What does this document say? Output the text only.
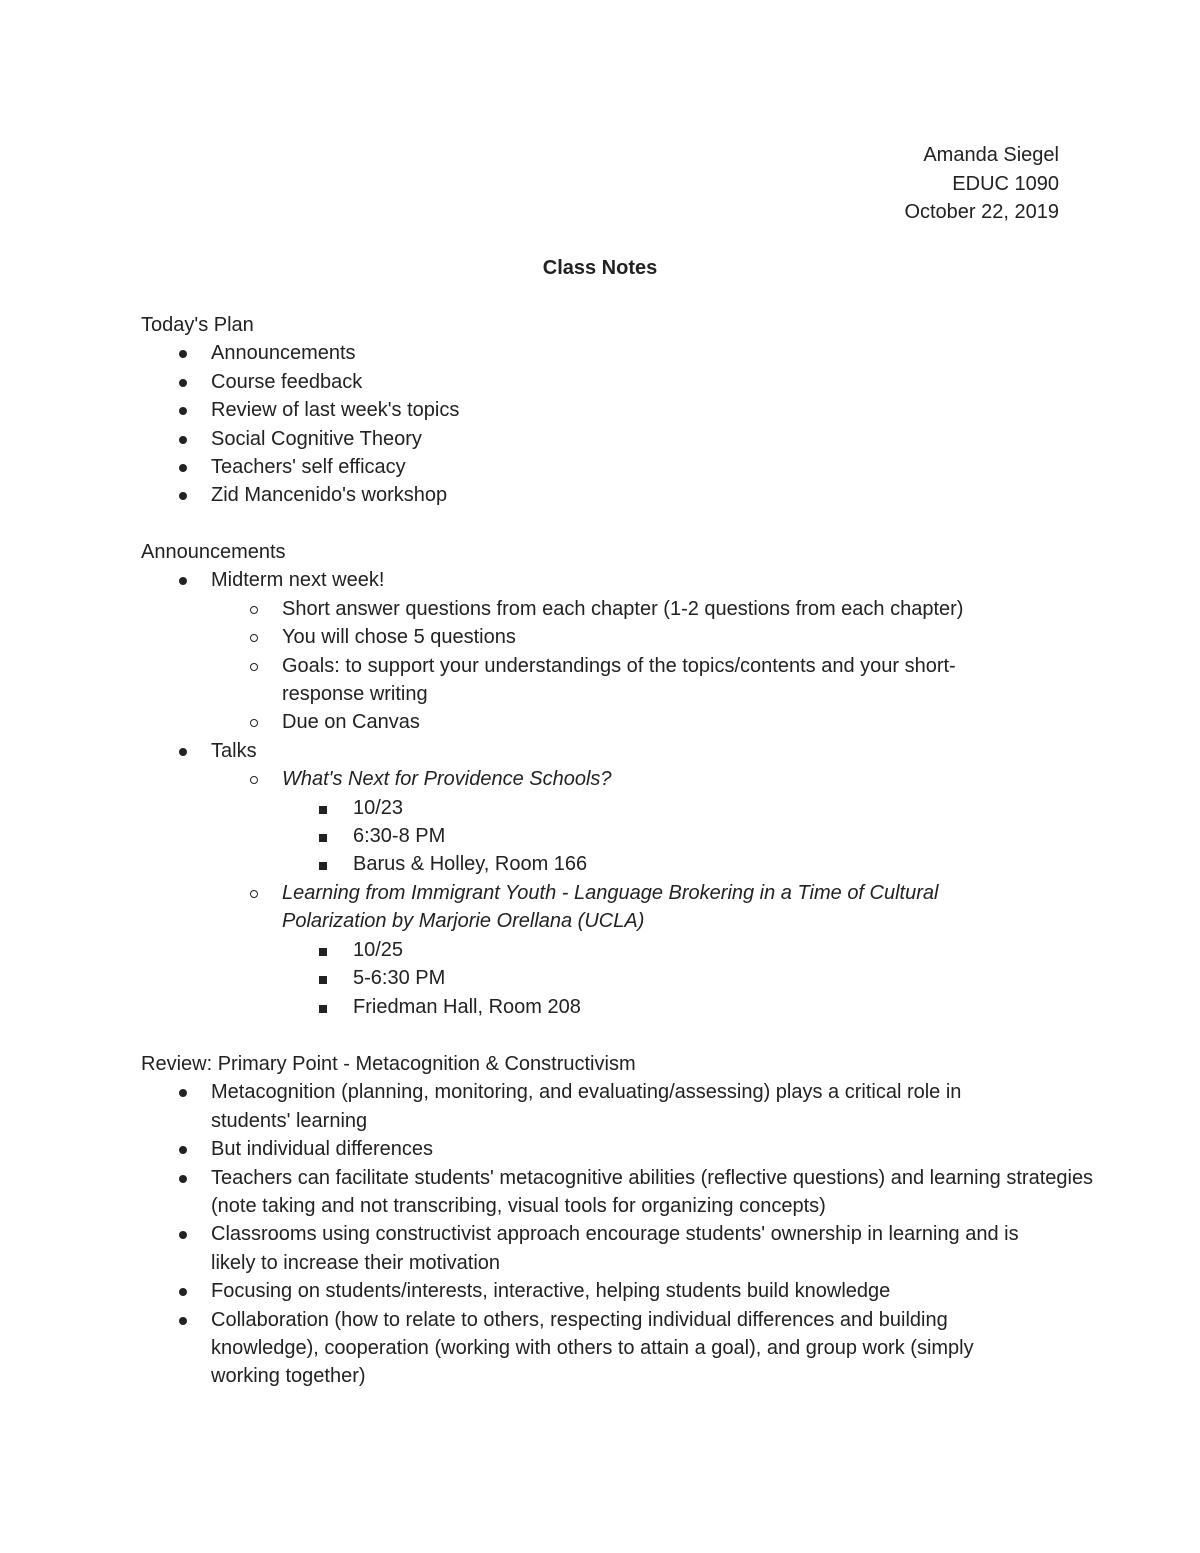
Amanda Siegel
EDUC 1090
October 22, 2019
Class Notes
Today's Plan
Announcements
Course feedback
Review of last week's topics
Social Cognitive Theory
Teachers' self efficacy
Zid Mancenido's workshop
Announcements
Midterm next week!
Short answer questions from each chapter (1-2 questions from each chapter)
You will chose 5 questions
Goals: to support your understandings of the topics/contents and your short-response writing
Due on Canvas
Talks
What's Next for Providence Schools?
10/23
6:30-8 PM
Barus & Holley, Room 166
Learning from Immigrant Youth - Language Brokering in a Time of Cultural Polarization by Marjorie Orellana (UCLA)
10/25
5-6:30 PM
Friedman Hall, Room 208
Review: Primary Point - Metacognition & Constructivism
Metacognition (planning, monitoring, and evaluating/assessing) plays a critical role in students' learning
But individual differences
Teachers can facilitate students' metacognitive abilities (reflective questions) and learning strategies (note taking and not transcribing, visual tools for organizing concepts)
Classrooms using constructivist approach encourage students' ownership in learning and is likely to increase their motivation
Focusing on students/interests, interactive, helping students build knowledge
Collaboration (how to relate to others, respecting individual differences and building knowledge), cooperation (working with others to attain a goal), and group work (simply working together)
